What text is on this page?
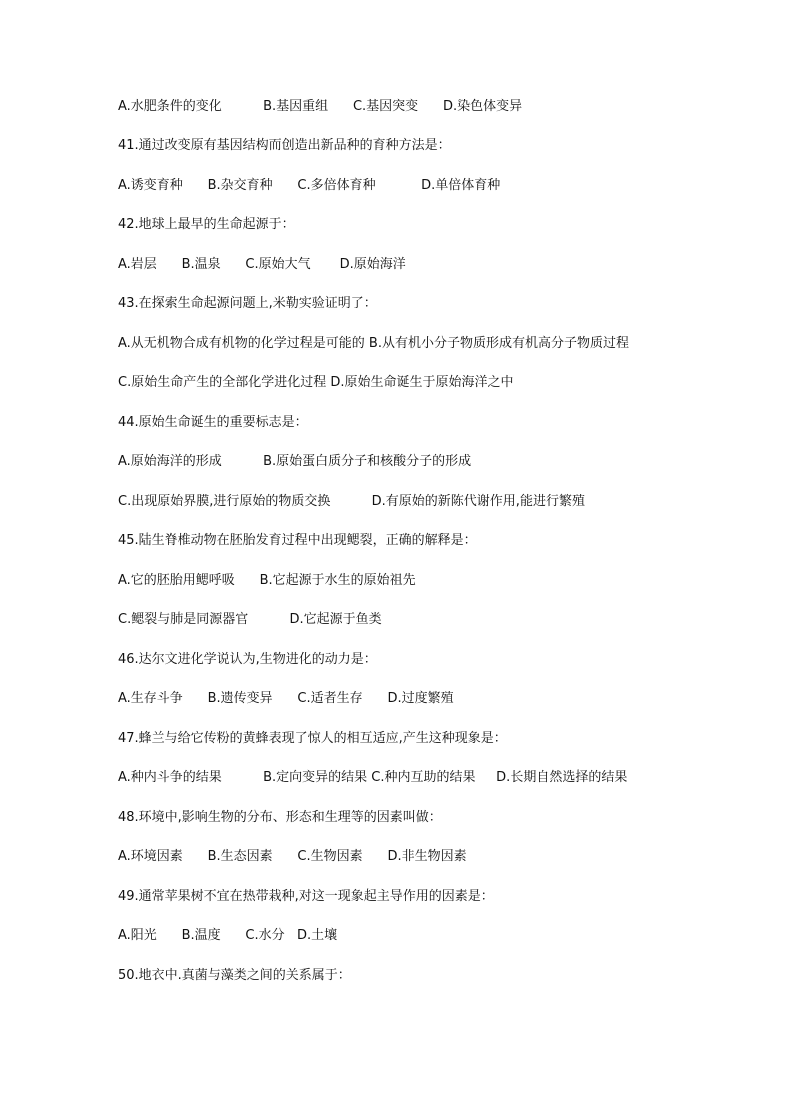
A.水肥条件的变化          B.基因重组      C.基因突变      D.染色体变异
41.通过改变原有基因结构而创造出新品种的育种方法是：
A.诱变育种      B.杂交育种      C.多倍体育种           D.单倍体育种
42.地球上最早的生命起源于：
A.岩层      B.温泉      C.原始大气       D.原始海洋
43.在探索生命起源问题上,米勒实验证明了：
A.从无机物合成有机物的化学过程是可能的 B.从有机小分子物质形成有机高分子物质过程
C.原始生命产生的全部化学进化过程 D.原始生命诞生于原始海洋之中
44.原始生命诞生的重要标志是：
A.原始海洋的形成          B.原始蛋白质分子和核酸分子的形成
C.出现原始界膜,进行原始的物质交换          D.有原始的新陈代谢作用,能进行繁殖
45.陆生脊椎动物在胚胎发育过程中出现鳃裂，正确的解释是：
A.它的胚胎用鳃呼吸      B.它起源于水生的原始祖先
C.鳃裂与肺是同源器官          D.它起源于鱼类
46.达尔文进化学说认为,生物进化的动力是：
A.生存斗争      B.遗传变异      C.适者生存      D.过度繁殖
47.蜂兰与给它传粉的黄蜂表现了惊人的相互适应,产生这种现象是：
A.种内斗争的结果          B.定向变异的结果 C.种内互助的结果     D.长期自然选择的结果
48.环境中,影响生物的分布、形态和生理等的因素叫做：
A.环境因素      B.生态因素      C.生物因素      D.非生物因素
49.通常苹果树不宜在热带栽种,对这一现象起主导作用的因素是：
A.阳光      B.温度      C.水分   D.土壤
50.地衣中.真菌与藻类之间的关系属于：
